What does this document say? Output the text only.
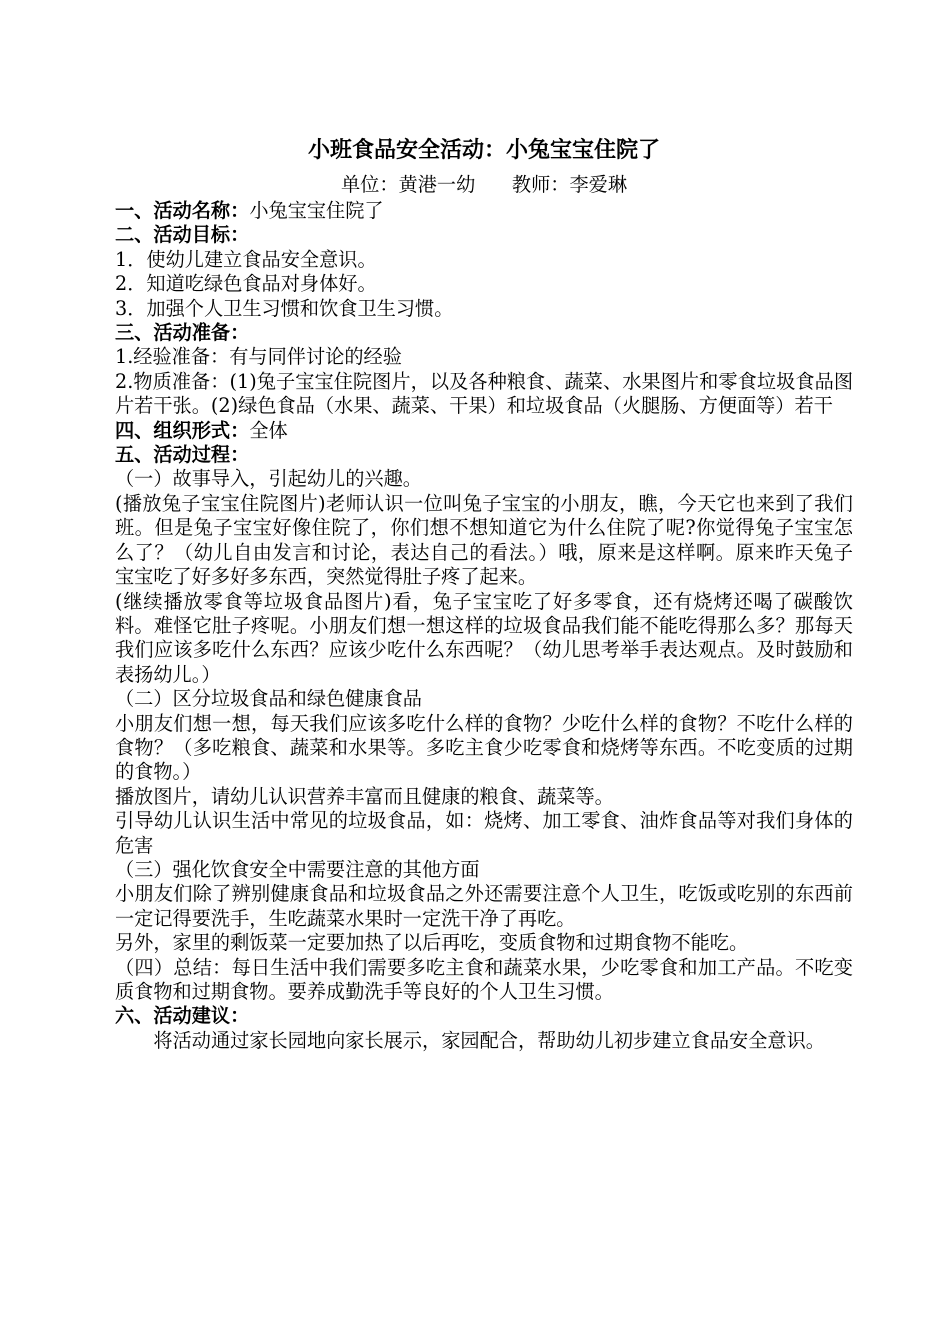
小班食品安全活动：小兔宝宝住院了
单位：黄港一幼      教师：李爱琳

一、活动名称：小兔宝宝住院了

二、活动目标：

1．使幼儿建立食品安全意识。

2．知道吃绿色食品对身体好。

3．加强个人卫生习惯和饮食卫生习惯。

三、活动准备：

1.经验准备：有与同伴讨论的经验

2.物质准备：(1)兔子宝宝住院图片，以及各种粮食、蔬菜、水果图片和零食垃圾食品图片若干张。(2)绿色食品（水果、蔬菜、干果）和垃圾食品（火腿肠、方便面等）若干

四、组织形式：全体

五、活动过程：

（一）故事导入，引起幼儿的兴趣。

(播放兔子宝宝住院图片)老师认识一位叫兔子宝宝的小朋友，瞧，今天它也来到了我们班。但是兔子宝宝好像住院了，你们想不想知道它为什么住院了呢?你觉得兔子宝宝怎么了？（幼儿自由发言和讨论，表达自己的看法。）哦，原来是这样啊。原来昨天兔子宝宝吃了好多好多东西，突然觉得肚子疼了起来。

(继续播放零食等垃圾食品图片)看，兔子宝宝吃了好多零食，还有烧烤还喝了碳酸饮料。难怪它肚子疼呢。小朋友们想一想这样的垃圾食品我们能不能吃得那么多？那每天我们应该多吃什么东西？应该少吃什么东西呢？（幼儿思考举手表达观点。及时鼓励和表扬幼儿。）

（二）区分垃圾食品和绿色健康食品

小朋友们想一想，每天我们应该多吃什么样的食物？少吃什么样的食物？不吃什么样的食物？（多吃粮食、蔬菜和水果等。多吃主食少吃零食和烧烤等东西。不吃变质的过期的食物。）

播放图片，请幼儿认识营养丰富而且健康的粮食、蔬菜等。

引导幼儿认识生活中常见的垃圾食品，如：烧烤、加工零食、油炸食品等对我们身体的危害

（三）强化饮食安全中需要注意的其他方面

小朋友们除了辨别健康食品和垃圾食品之外还需要注意个人卫生，吃饭或吃别的东西前一定记得要洗手，生吃蔬菜水果时一定洗干净了再吃。

另外，家里的剩饭菜一定要加热了以后再吃，变质食物和过期食物不能吃。

（四）总结：每日生活中我们需要多吃主食和蔬菜水果，少吃零食和加工产品。不吃变质食物和过期食物。要养成勤洗手等良好的个人卫生习惯。

六、活动建议：

将活动通过家长园地向家长展示，家园配合，帮助幼儿初步建立食品安全意识。
